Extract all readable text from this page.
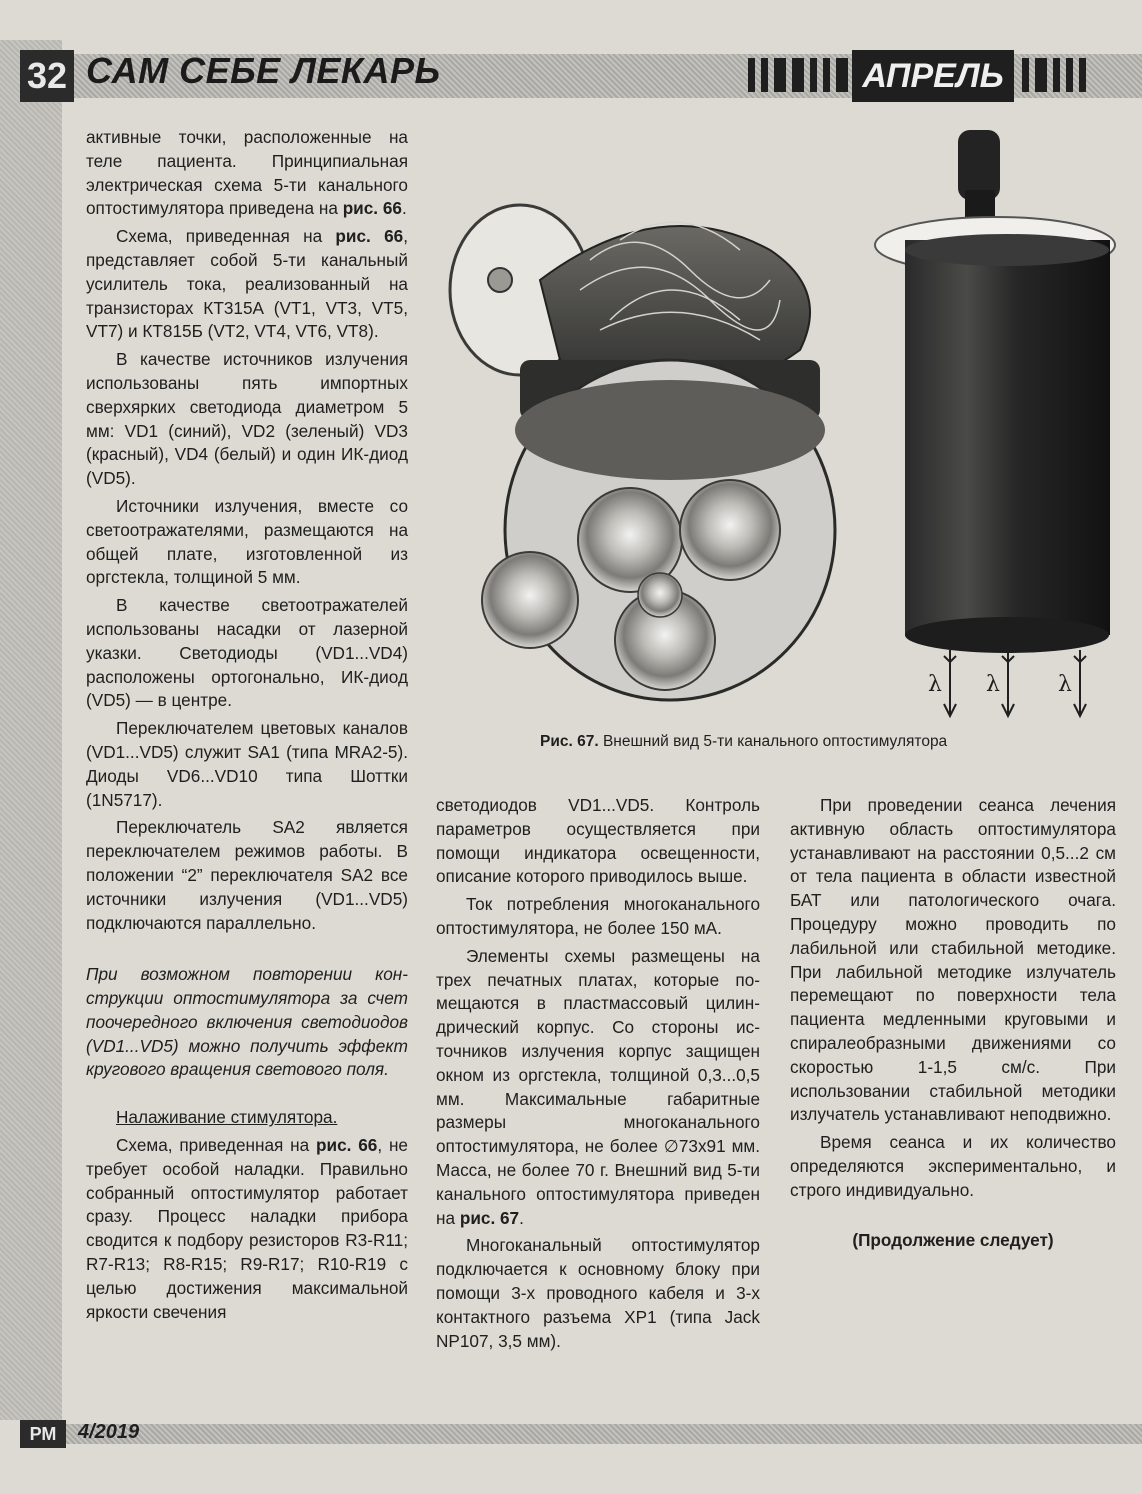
32 САМ СЕБЕ ЛЕКАРЬ	АПРЕЛЬ

активные точки, расположенные на теле пациента. Принципиальная электрическая схема 5-ти канального оптостимулятора приведена на рис. 66.

Схема, приведенная на рис. 66, представляет собой 5-ти канальный усилитель тока, реализованный на транзисторах КТ315А (VT1, VT3, VT5, VT7) и КТ815Б (VT2, VT4, VT6, VT8).

В качестве источников излучения использованы пять импортных сверхярких светодиода диаметром 5 мм: VD1 (синий), VD2 (зеленый) VD3 (красный), VD4 (белый) и один ИК-диод (VD5).

Источники излучения, вместе со светоотражателями, размещаются на общей плате, изготовленной из оргстекла, толщиной 5 мм.

В качестве светоотражателей использованы насадки от лазерной указки. Светодиоды (VD1...VD4) расположены ортогонально, ИК-диод (VD5) — в центре.

Переключателем цветовых каналов (VD1...VD5) служит SA1 (типа MRA2-5). Диоды VD6...VD10 типа Шоттки (1N5717).

Переключатель SA2 является переключателем режимов работы. В положении “2” переключателя SA2 все источники излучения (VD1...VD5) подключаются параллельно.

При возможном повторении конструкции оптостимулятора за счет поочередного включения светодиодов (VD1...VD5) можно получить эффект кругового вращения светового поля.

Налаживание стимулятора.

Схема, приведенная на рис. 66, не требует особой наладки. Правильно собранный оптостимулятор работает сразу. Процесс наладки прибора сводится к подбору резисторов R3-R11; R7-R13; R8-R15; R9-R17; R10-R19 с целью достижения максимальной яркости свечения

λ λ	λ
Рис. 67. Внешний вид 5-ти канального оптостимулятора

светодиодов VD1...VD5. Контроль параметров осуществляется при помощи индикатора освещенности, описание которого приводилось выше.

Ток потребления многоканального оптостимулятора, не более 150 мА.

Элементы схемы размещены на трех печатных платах, которые помещаются в пластмассовый цилиндрический корпус. Со стороны источников излучения корпус защищен окном из оргстекла, толщиной 0,3...0,5 мм. Максимальные габаритные размеры многоканального оптостимулятора, не более ∅73х91 мм. Масса, не более 70 г. Внешний вид 5-ти канального оптостимулятора приведен на рис. 67.

Многоканальный оптостимулятор подключается к основному блоку при помощи 3-х проводного кабеля и 3-х контактного разъема XP1 (типа Jack NP107, 3,5 мм).

При проведении сеанса лечения активную область оптостимулятора устанавливают на расстоянии 0,5...2 см от тела пациента в области известной БАТ или патологического очага. Процедуру можно проводить по лабильной или стабильной методике. При лабильной методике излучатель перемещают по поверхности тела пациента медленными круговыми и спиралеобразными движениями со скоростью 1-1,5 см/с. При использовании стабильной методики излучатель устанавливают неподвижно.

Время сеанса и их количество определяются экспериментально, и строго индивидуально.

(Продолжение следует)

РМ	4/2019
